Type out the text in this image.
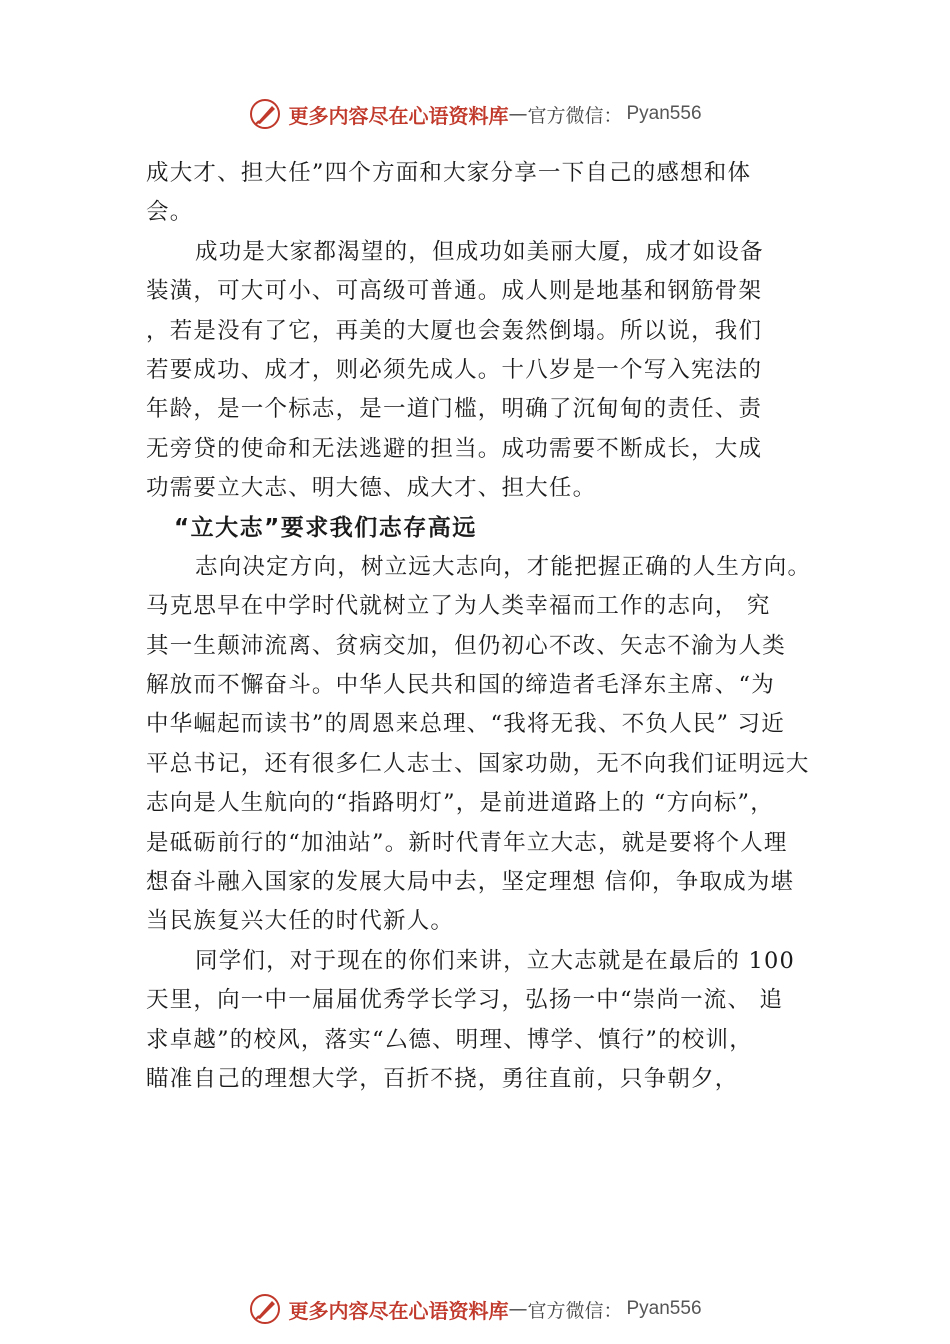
更多内容尽在心语资料库 — 官方微信： Pyan556
成大才、担大任”四个方面和大家分享一下自己的感想和体
会。
成功是大家都渴望的，但成功如美丽大厦，成才如设备
装潢，可大可小、可高级可普通。成人则是地基和钢筋骨架
，若是没有了它，再美的大厦也会轰然倒塌。所以说，我们
若要成功、成才，则必须先成人。十八岁是一个写入宪法的
年龄，是一个标志，是一道门槛，明确了沉甸甸的责任、责
无旁贷的使命和无法逃避的担当。成功需要不断成长，大成
功需要立大志、明大德、成大才、担大任。
“立大志”要求我们志存高远
志向决定方向，树立远大志向，才能把握正确的人生方向。
马克思早在中学时代就树立了为人类幸福而工作的志向， 究
其一生颠沛流离、贫病交加，但仍初心不改、矢志不渝为人类
解放而不懈奋斗。中华人民共和国的缔造者毛泽东主席、“为
中华崛起而读书”的周恩来总理、“我将无我、不负人民” 习近
平总书记，还有很多仁人志士、国家功勋，无不向我们证明远大
志向是人生航向的“指路明灯”，是前进道路上的 “方向标”，
是砥砺前行的“加油站”。新时代青年立大志，就是要将个人理
想奋斗融入国家的发展大局中去，坚定理想 信仰，争取成为堪
当民族复兴大任的时代新人。
同学们，对于现在的你们来讲，立大志就是在最后的 100
天里，向一中一届届优秀学长学习，弘扬一中“崇尚一流、 追
求卓越”的校风，落实“厶德、明理、博学、慎行”的校训，
瞄准自己的理想大学，百折不挠，勇往直前，只争朝夕，
更多内容尽在心语资料库 — 官方微信： Pyan556
